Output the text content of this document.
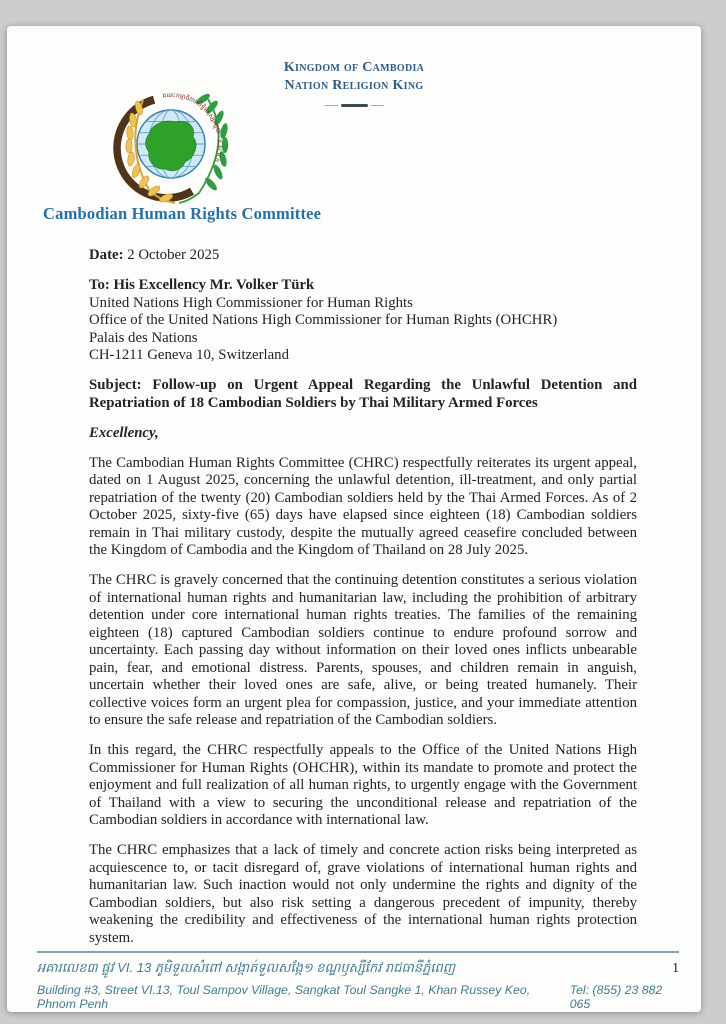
Kingdom of Cambodia
Nation Religion King
គណៈកម្មាធិការសិទ្ធិមនុស្សកម្ពុជា - គ.ស.ម.ក
Cambodian Human Rights Committee

Date: 2 October 2025

To: His Excellency Mr. Volker Türk
United Nations High Commissioner for Human Rights
Office of the United Nations High Commissioner for Human Rights (OHCHR)
Palais des Nations
CH-1211 Geneva 10, Switzerland

Subject: Follow-up on Urgent Appeal Regarding the Unlawful Detention and Repatriation of 18 Cambodian Soldiers by Thai Military Armed Forces

Excellency,

The Cambodian Human Rights Committee (CHRC) respectfully reiterates its urgent appeal, dated on 1 August 2025, concerning the unlawful detention, ill-treatment, and only partial repatriation of the twenty (20) Cambodian soldiers held by the Thai Armed Forces. As of 2 October 2025, sixty-five (65) days have elapsed since eighteen (18) Cambodian soldiers remain in Thai military custody, despite the mutually agreed ceasefire concluded between the Kingdom of Cambodia and the Kingdom of Thailand on 28 July 2025.

The CHRC is gravely concerned that the continuing detention constitutes a serious violation of international human rights and humanitarian law, including the prohibition of arbitrary detention under core international human rights treaties. The families of the remaining eighteen (18) captured Cambodian soldiers continue to endure profound sorrow and uncertainty. Each passing day without information on their loved ones inflicts unbearable pain, fear, and emotional distress. Parents, spouses, and children remain in anguish, uncertain whether their loved ones are safe, alive, or being treated humanely. Their collective voices form an urgent plea for compassion, justice, and your immediate attention to ensure the safe release and repatriation of the Cambodian soldiers.

In this regard, the CHRC respectfully appeals to the Office of the United Nations High Commissioner for Human Rights (OHCHR), within its mandate to promote and protect the enjoyment and full realization of all human rights, to urgently engage with the Government of Thailand with a view to securing the unconditional release and repatriation of the Cambodian soldiers in accordance with international law.

The CHRC emphasizes that a lack of timely and concrete action risks being interpreted as acquiescence to, or tacit disregard of, grave violations of international human rights and humanitarian law. Such inaction would not only undermine the rights and dignity of the Cambodian soldiers, but also risk setting a dangerous precedent of impunity, thereby weakening the credibility and effectiveness of the international human rights protection system.

អគារលេខ៣ ផ្លូវ VI. 13 ភូមិទួលសំពៅ សង្កាត់ទួលសង្កែ១ ខណ្ឌឫស្សីកែវ រាជធានីភ្នំពេញ	1
Building #3, Street VI.13, Toul Sampov Village, Sangkat Toul Sangke 1, Khan Russey Keo, Phnom Penh
Tel: (855) 23 882 065
